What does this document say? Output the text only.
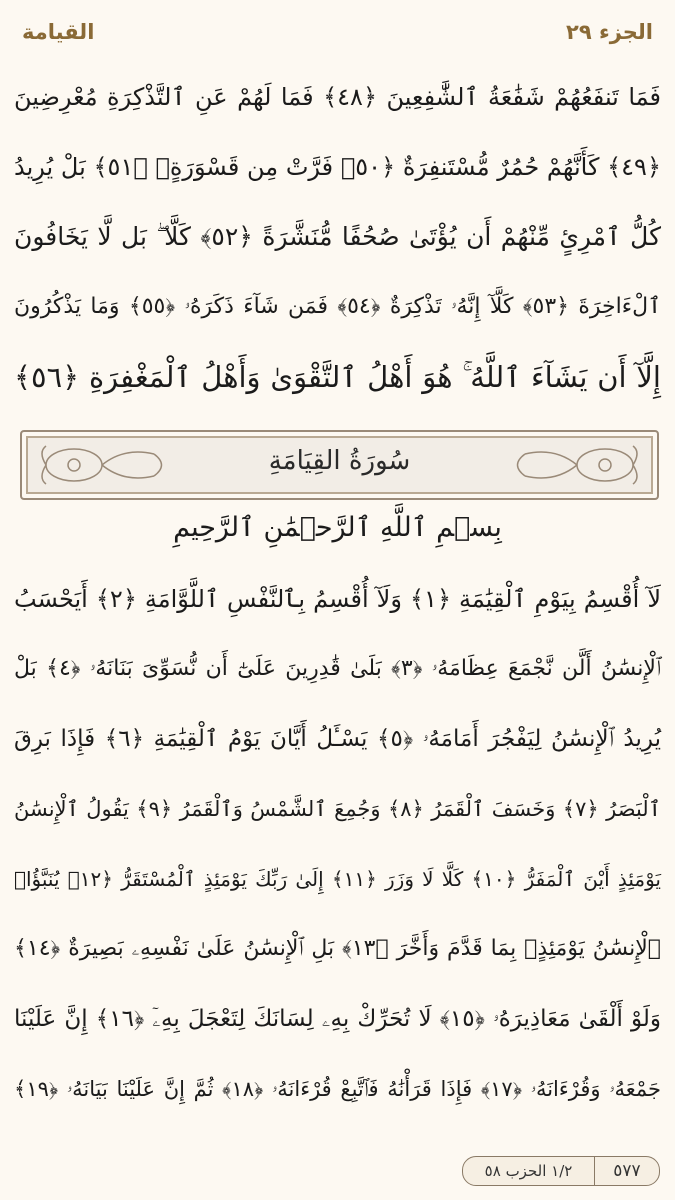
الجزء ٢٩
القيامة
فَمَا تَنفَعُهُمْ شَفَٰعَةُ ٱلشَّٰفِعِينَ ﴿٤٨﴾ فَمَا لَهُمْ عَنِ ٱلتَّذْكِرَةِ مُعْرِضِينَ
﴿٤٩﴾ كَأَنَّهُمْ حُمُرٌ مُّسْتَنفِرَةٌ ﴿٥٠﴾ فَرَّتْ مِن قَسْوَرَةٍۭ ﴿٥١﴾ بَلْ يُرِيدُ
كُلُّ ٱمْرِئٍ مِّنْهُمْ أَن يُؤْتَىٰ صُحُفًا مُّنَشَّرَةً ﴿٥٢﴾ كَلَّا ۖ بَل لَّا يَخَافُونَ
ٱلْءَاخِرَةَ ﴿٥٣﴾ كَلَّآ إِنَّهُۥ تَذْكِرَةٌ ﴿٥٤﴾ فَمَن شَآءَ ذَكَرَهُۥ ﴿٥٥﴾ وَمَا يَذْكُرُونَ
إِلَّآ أَن يَشَآءَ ٱللَّهُ ۚ هُوَ أَهْلُ ٱلتَّقْوَىٰ وَأَهْلُ ٱلْمَغْفِرَةِ ﴿٥٦﴾
سُورَةُ القِيَامَةِ
بِسۡمِ ٱللَّهِ ٱلرَّحۡمَٰنِ ٱلرَّحِيمِ
لَآ أُقْسِمُ بِيَوْمِ ٱلْقِيَٰمَةِ ﴿١﴾ وَلَآ أُقْسِمُ بِٱلنَّفْسِ ٱللَّوَّامَةِ ﴿٢﴾ أَيَحْسَبُ
ٱلْإِنسَٰنُ أَلَّن نَّجْمَعَ عِظَامَهُۥ ﴿٣﴾ بَلَىٰ قَٰدِرِينَ عَلَىٰٓ أَن نُّسَوِّىَ بَنَانَهُۥ ﴿٤﴾ بَلْ
يُرِيدُ ٱلْإِنسَٰنُ لِيَفْجُرَ أَمَامَهُۥ ﴿٥﴾ يَسْـَٔلُ أَيَّانَ يَوْمُ ٱلْقِيَٰمَةِ ﴿٦﴾ فَإِذَا بَرِقَ
ٱلْبَصَرُ ﴿٧﴾ وَخَسَفَ ٱلْقَمَرُ ﴿٨﴾ وَجُمِعَ ٱلشَّمْسُ وَٱلْقَمَرُ ﴿٩﴾ يَقُولُ ٱلْإِنسَٰنُ
يَوْمَئِذٍ أَيْنَ ٱلْمَفَرُّ ﴿١٠﴾ كَلَّا لَا وَزَرَ ﴿١١﴾ إِلَىٰ رَبِّكَ يَوْمَئِذٍ ٱلْمُسْتَقَرُّ ﴿١٢﴾ يُنَبَّؤُا۟
ٱلْإِنسَٰنُ يَوْمَئِذٍۭ بِمَا قَدَّمَ وَأَخَّرَ ﴿١٣﴾ بَلِ ٱلْإِنسَٰنُ عَلَىٰ نَفْسِهِۦ بَصِيرَةٌ ﴿١٤﴾
وَلَوْ أَلْقَىٰ مَعَاذِيرَهُۥ ﴿١٥﴾ لَا تُحَرِّكْ بِهِۦ لِسَانَكَ لِتَعْجَلَ بِهِۦٓ ﴿١٦﴾ إِنَّ عَلَيْنَا
جَمْعَهُۥ وَقُرْءَانَهُۥ ﴿١٧﴾ فَإِذَا قَرَأْنَٰهُ فَٱتَّبِعْ قُرْءَانَهُۥ ﴿١٨﴾ ثُمَّ إِنَّ عَلَيْنَا بَيَانَهُۥ ﴿١٩﴾
٥٧٧
١/٢ الحزب ٥٨
